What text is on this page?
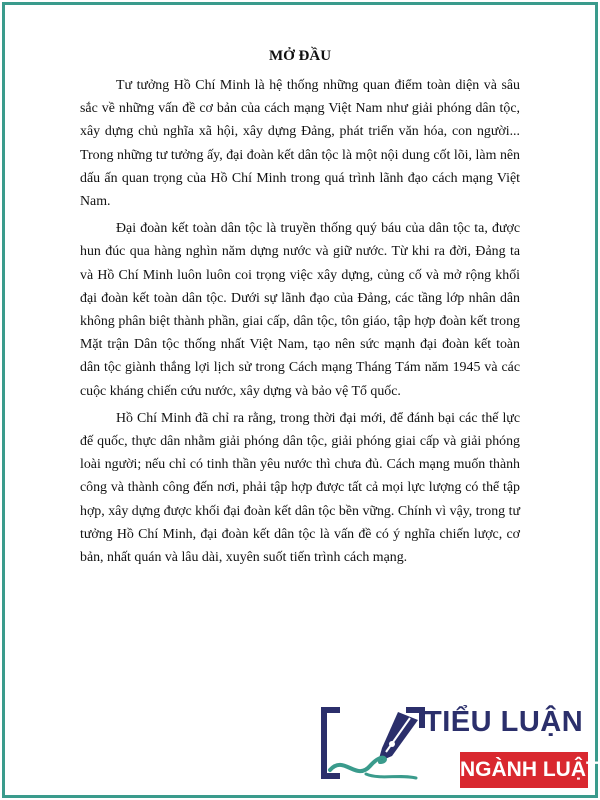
MỞ ĐẦU

Tư tưởng Hồ Chí Minh là hệ thống những quan điểm toàn diện và sâu sắc về những vấn đề cơ bản của cách mạng Việt Nam như giải phóng dân tộc, xây dựng chủ nghĩa xã hội, xây dựng Đảng, phát triển văn hóa, con người... Trong những tư tưởng ấy, đại đoàn kết dân tộc là một nội dung cốt lõi, làm nên dấu ấn quan trọng của Hồ Chí Minh trong quá trình lãnh đạo cách mạng Việt Nam.

Đại đoàn kết toàn dân tộc là truyền thống quý báu của dân tộc ta, được hun đúc qua hàng nghìn năm dựng nước và giữ nước. Từ khi ra đời, Đảng ta và Hồ Chí Minh luôn luôn coi trọng việc xây dựng, củng cố và mở rộng khối đại đoàn kết toàn dân tộc. Dưới sự lãnh đạo của Đảng, các tầng lớp nhân dân không phân biệt thành phần, giai cấp, dân tộc, tôn giáo, tập hợp đoàn kết trong Mặt trận Dân tộc thống nhất Việt Nam, tạo nên sức mạnh đại đoàn kết toàn dân tộc giành thắng lợi lịch sử trong Cách mạng Tháng Tám năm 1945 và các cuộc kháng chiến cứu nước, xây dựng và bảo vệ Tổ quốc.

Hồ Chí Minh đã chỉ ra rằng, trong thời đại mới, để đánh bại các thế lực đế quốc, thực dân nhằm giải phóng dân tộc, giải phóng giai cấp và giải phóng loài người; nếu chỉ có tinh thần yêu nước thì chưa đủ. Cách mạng muốn thành công và thành công đến nơi, phải tập hợp được tất cả mọi lực lượng có thể tập hợp, xây dựng được khối đại đoàn kết dân tộc bền vững. Chính vì vậy, trong tư tưởng Hồ Chí Minh, đại đoàn kết dân tộc là vấn đề có ý nghĩa chiến lược, cơ bản, nhất quán và lâu dài, xuyên suốt tiến trình cách mạng.

TIỂU LUẬN
NGÀNH LUẬT
